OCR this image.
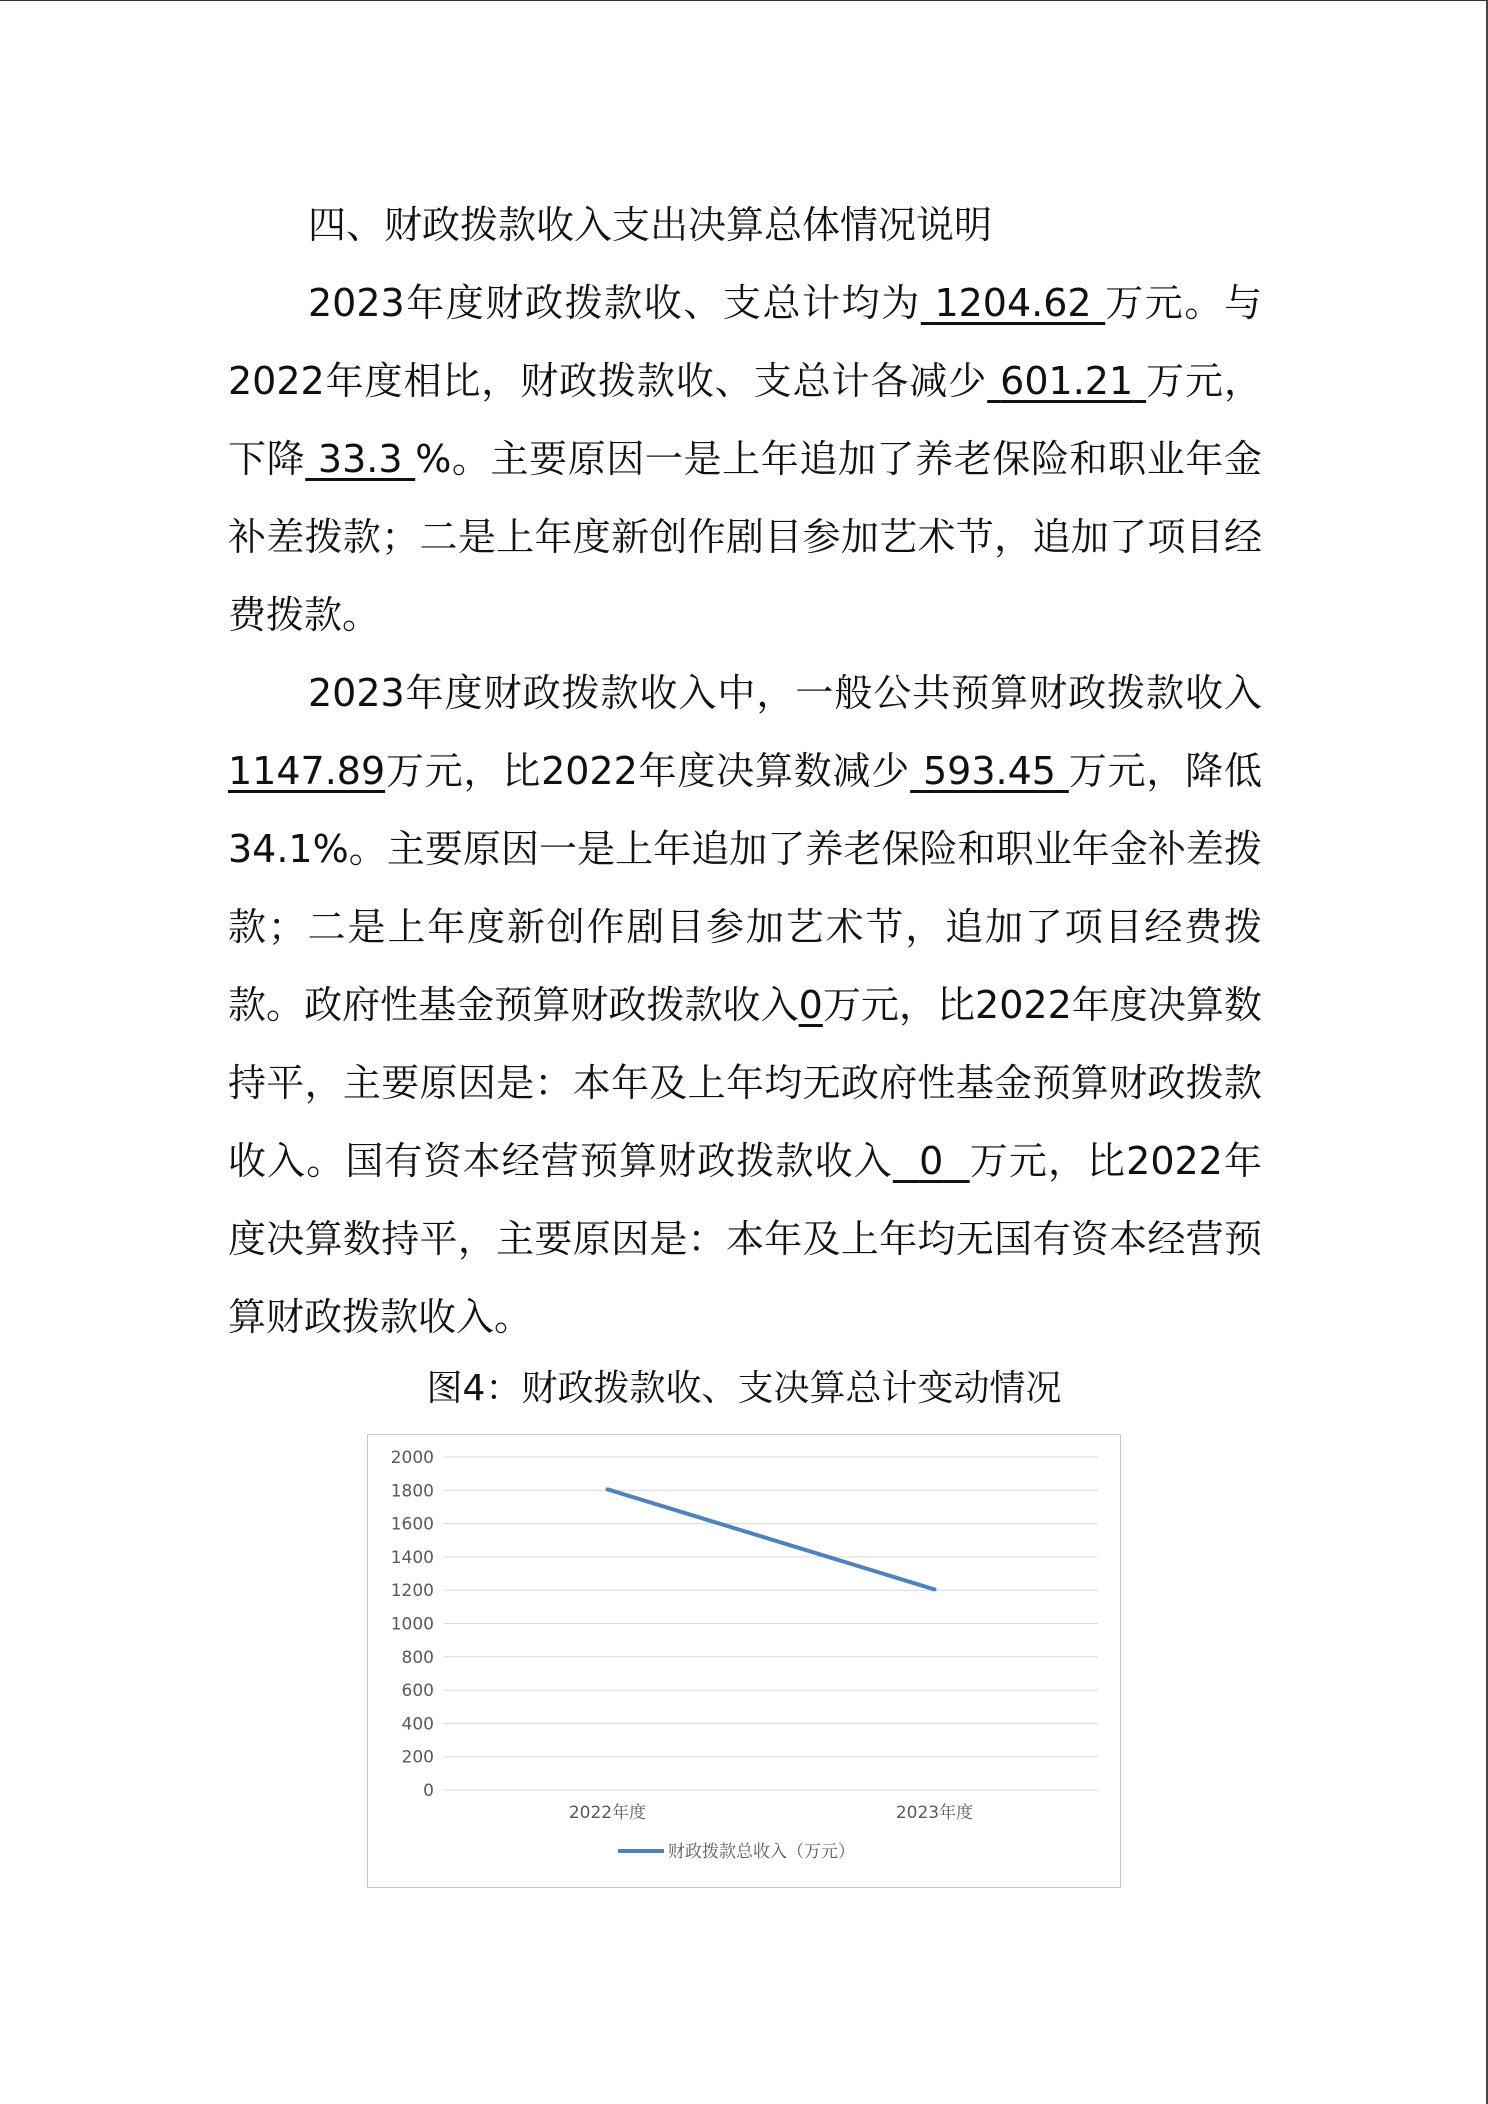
四、财政拨款收入支出决算总体情况说明

2023年度财政拨款收、支总计均为 1204.62 万元。与2022年度相比，财政拨款收、支总计各减少 601.21 万元，下降 33.3 %。主要原因一是上年追加了养老保险和职业年金补差拨款；二是上年度新创作剧目参加艺术节，追加了项目经费拨款。

2023年度财政拨款收入中，一般公共预算财政拨款收入1147.89万元，比2022年度决算数减少 593.45 万元，降低34.1%。主要原因一是上年追加了养老保险和职业年金补差拨款；二是上年度新创作剧目参加艺术节，追加了项目经费拨款。政府性基金预算财政拨款收入0万元，比2022年度决算数持平，主要原因是：本年及上年均无政府性基金预算财政拨款收入。国有资本经营预算财政拨款收入 0 万元，比2022年度决算数持平，主要原因是：本年及上年均无国有资本经营预算财政拨款收入。

图4：财政拨款收、支决算总计变动情况
0
200
400
600
800
1000
1200
1400
1600
1800
2000
2022年度	2023年度
财政拨款总收入（万元）
